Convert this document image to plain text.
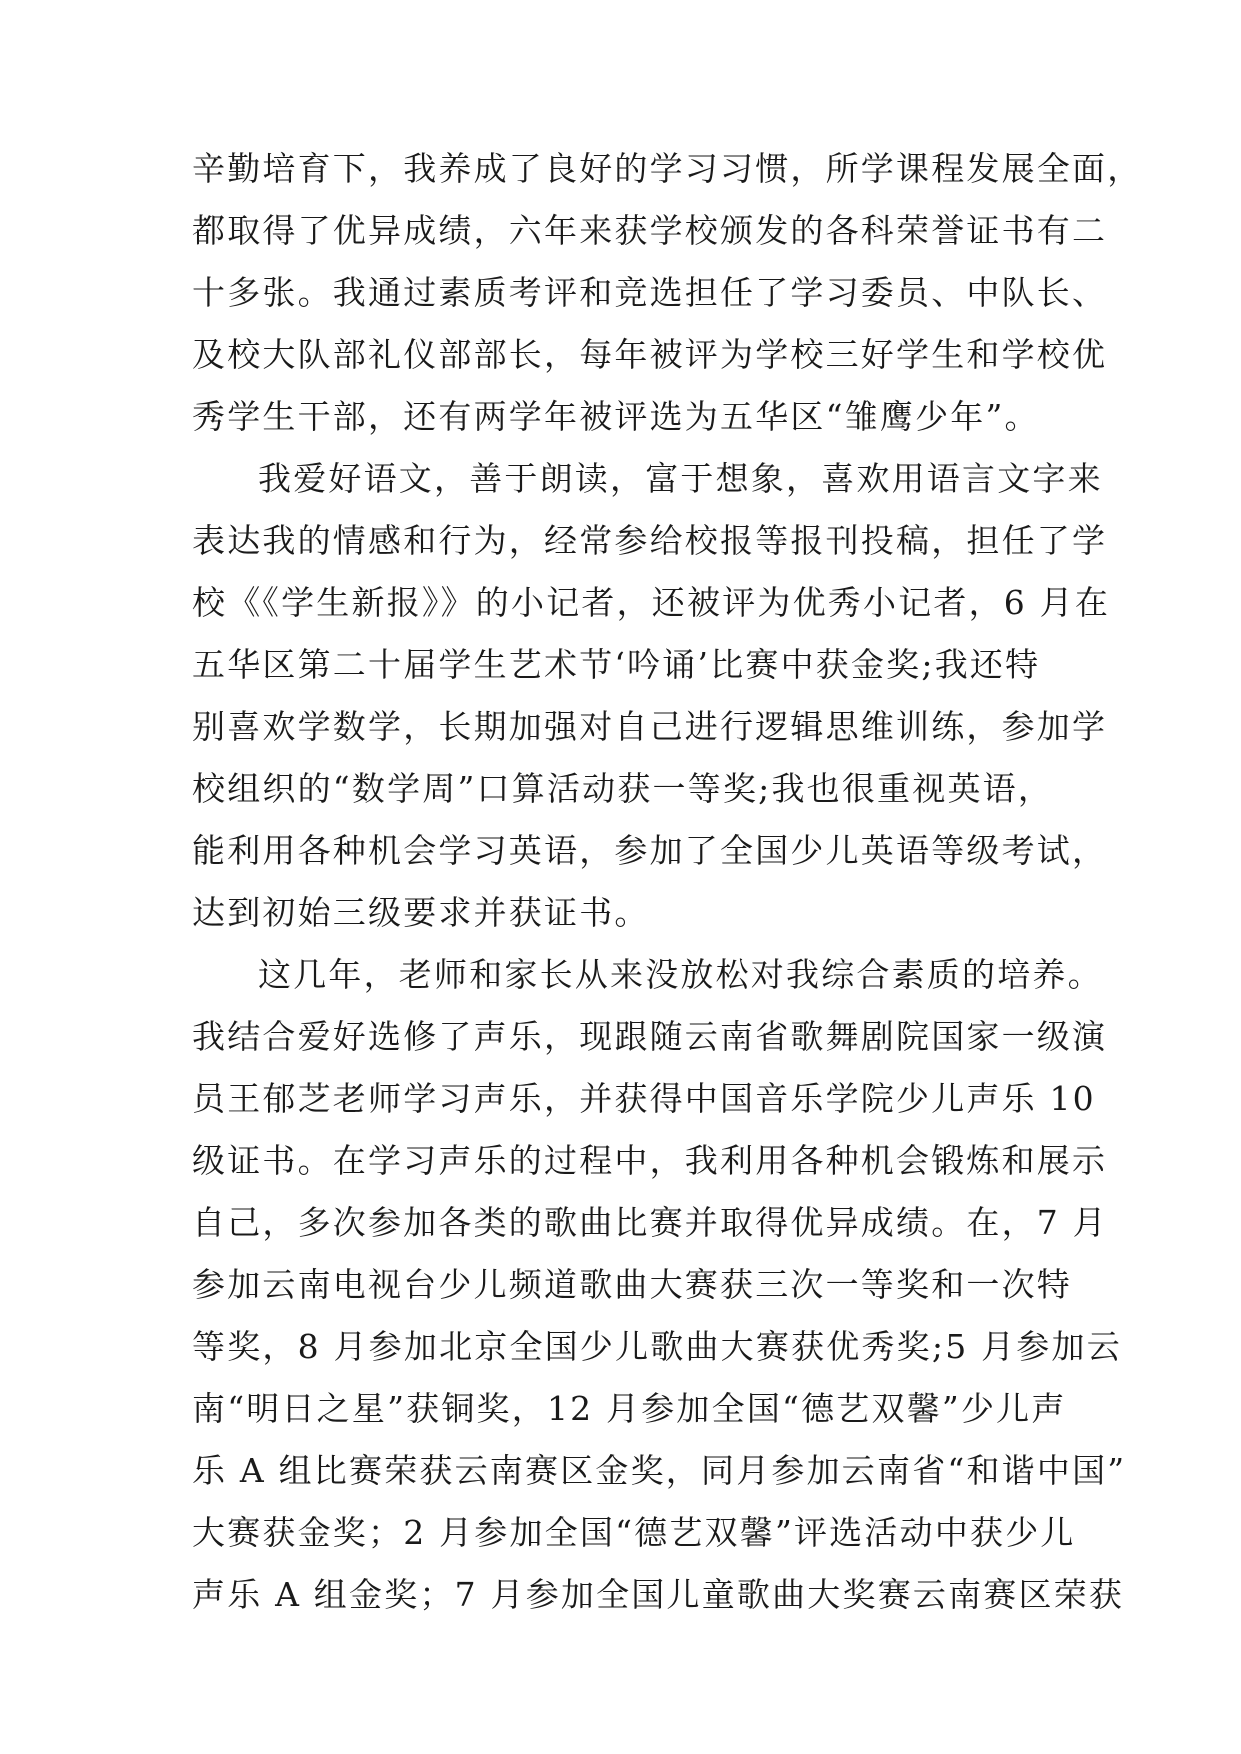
辛勤培育下，我养成了良好的学习习惯，所学课程发展全面，
都取得了优异成绩，六年来获学校颁发的各科荣誉证书有二
十多张。我通过素质考评和竞选担任了学习委员、中队长、
及校大队部礼仪部部长，每年被评为学校三好学生和学校优
秀学生干部，还有两学年被评选为五华区“雏鹰少年”。
我爱好语文，善于朗读，富于想象，喜欢用语言文字来
表达我的情感和行为，经常参给校报等报刊投稿，担任了学
校《《学生新报》》的小记者，还被评为优秀小记者，6 月在
五华区第二十届学生艺术节‘吟诵’比赛中获金奖;我还特
别喜欢学数学，长期加强对自己进行逻辑思维训练，参加学
校组织的“数学周”口算活动获一等奖;我也很重视英语，
能利用各种机会学习英语，参加了全国少儿英语等级考试，
达到初始三级要求并获证书。
这几年，老师和家长从来没放松对我综合素质的培养。
我结合爱好选修了声乐，现跟随云南省歌舞剧院国家一级演
员王郁芝老师学习声乐，并获得中国音乐学院少儿声乐 10
级证书。在学习声乐的过程中，我利用各种机会锻炼和展示
自己，多次参加各类的歌曲比赛并取得优异成绩。在，7 月
参加云南电视台少儿频道歌曲大赛获三次一等奖和一次特
等奖，8 月参加北京全国少儿歌曲大赛获优秀奖;5 月参加云
南“明日之星”获铜奖，12 月参加全国“德艺双馨”少儿声
乐 A 组比赛荣获云南赛区金奖，同月参加云南省“和谐中国”
大赛获金奖；2 月参加全国“德艺双馨”评选活动中获少儿
声乐 A 组金奖；7 月参加全国儿童歌曲大奖赛云南赛区荣获
